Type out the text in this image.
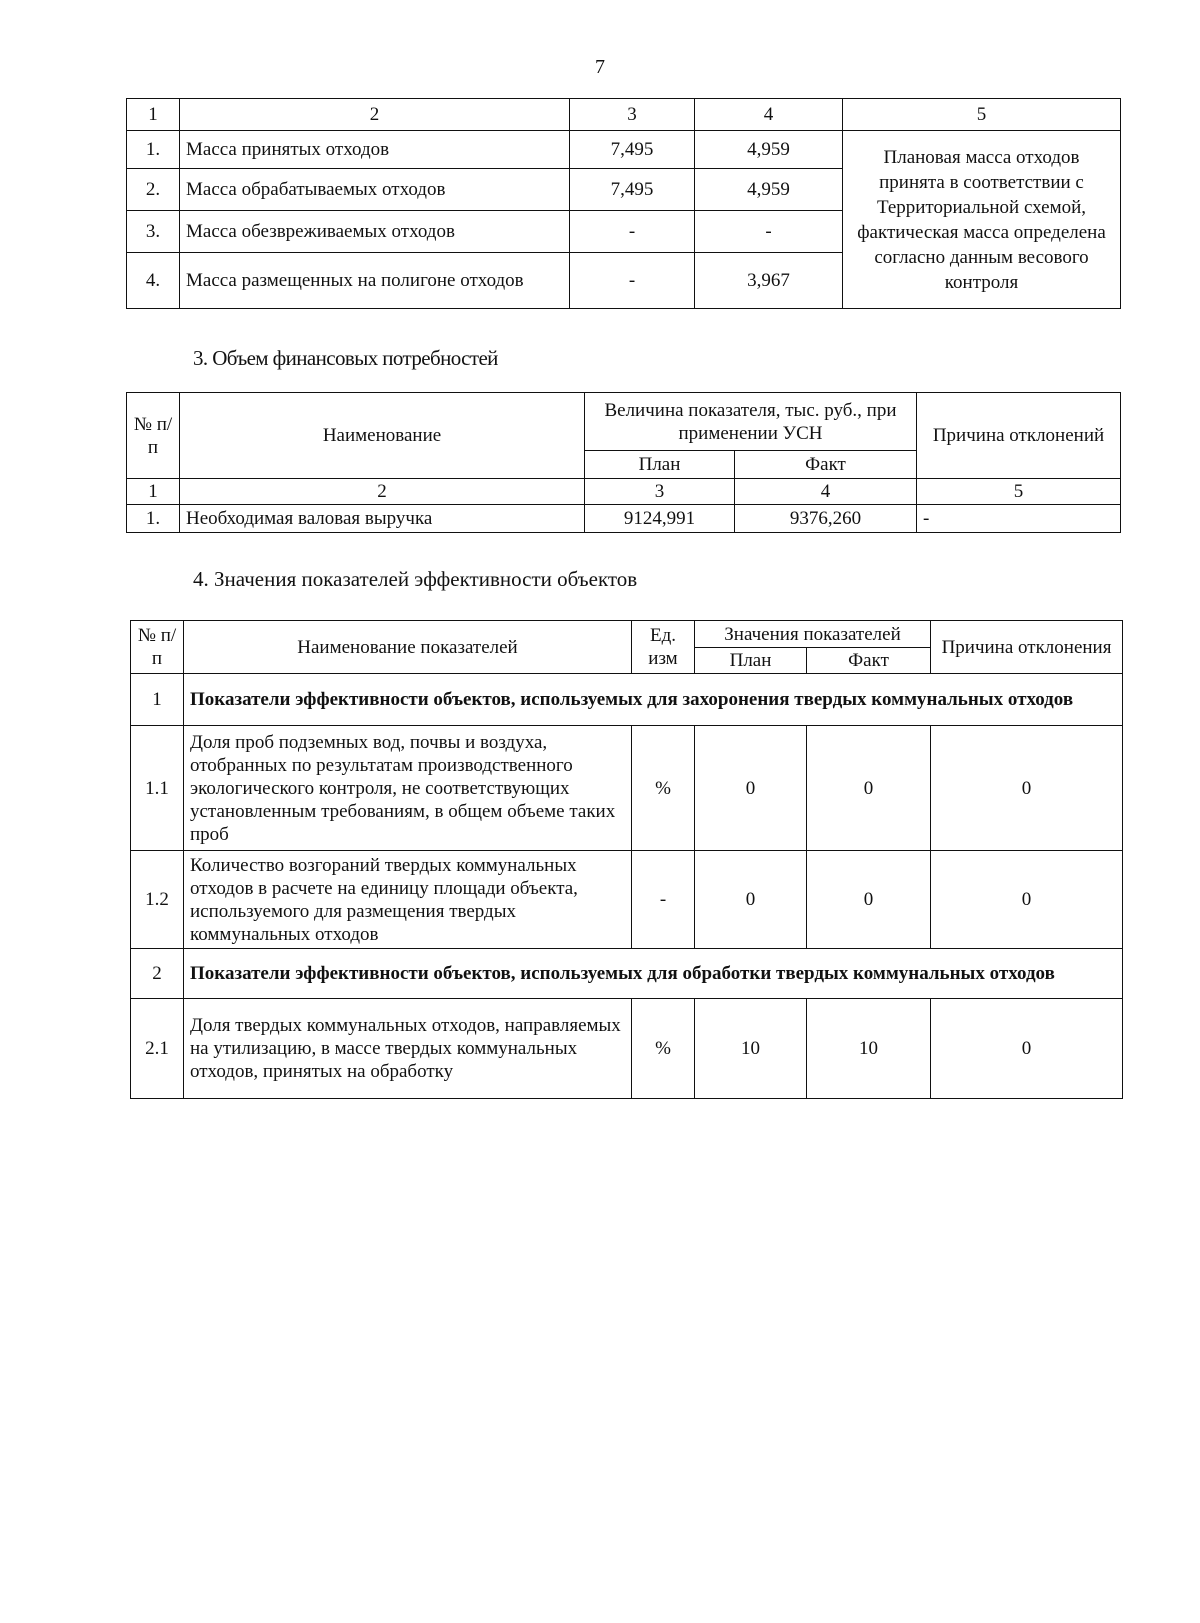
7
1	2	3	4	5
1.	Масса принятых отходов	7,495	4,959	Плановая масса отходов принята в соответствии с Территориальной схемой, фактическая масса определена согласно данным весового контроля
2.	Масса обрабатываемых отходов	7,495	4,959	
3.	Масса обезвреживаемых отходов	-	-	
4.	Масса размещенных на полигоне отходов	-	3,967	
3. Объем финансовых потребностей
№ п/п	Наименование	Величина показателя, тыс. руб., при применении УСН		Причина отклонений
		План	Факт	
1	2	3	4	5
1.	Необходимая валовая выручка	9124,991	9376,260	-
4. Значения показателей эффективности объектов
№ п/п	Наименование показателей	Ед. изм	Значения показателей		Причина отклонения
			План	Факт	
1	Показатели эффективности объектов, используемых для захоронения твердых коммунальных отходов				
1.1	Доля проб подземных вод, почвы и воздуха, отобранных по результатам производственного экологического контроля, не соответствующих установленным требованиям, в общем объеме таких проб	%	0	0	0
1.2	Количество возгораний твердых коммунальных отходов в расчете на единицу площади объекта, используемого для размещения твердых коммунальных отходов	-	0	0	0
2	Показатели эффективности объектов, используемых для обработки твердых коммунальных отходов				
2.1	Доля твердых коммунальных отходов, направляемых на утилизацию, в массе твердых коммунальных отходов, принятых на обработку	%	10	10	0
